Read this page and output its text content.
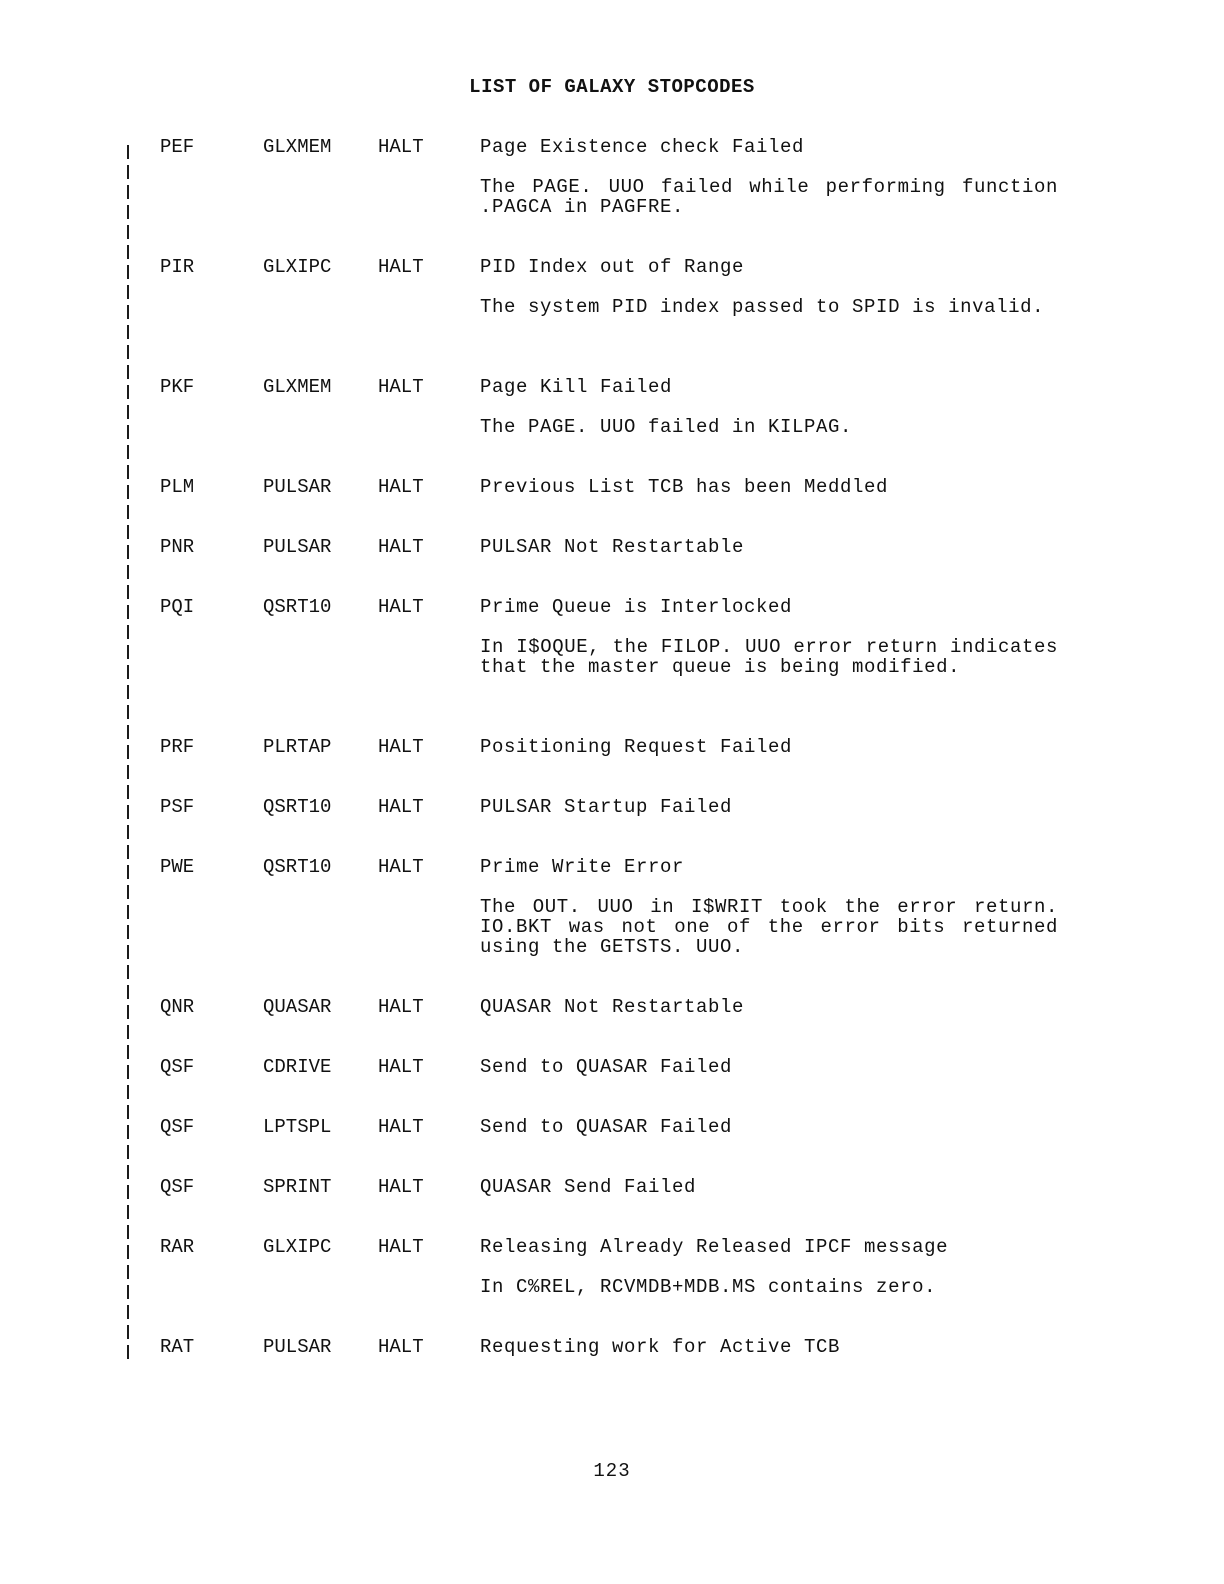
LIST OF GALAXY STOPCODES
PEF	GLXMEM HALT	Page Existence check Failed
The PAGE. UUO failed while performing function .PAGCA in PAGFRE.
PIR	GLXIPC HALT	PID Index out of Range
The system PID index passed to SPID is invalid.
PKF	GLXMEM HALT	Page Kill Failed
The PAGE. UUO failed in KILPAG.
PLM	PULSAR HALT	Previous List TCB has been Meddled
PNR	PULSAR HALT	PULSAR Not Restartable
PQI	QSRT10 HALT	Prime Queue is Interlocked
In I$OQUE, the FILOP. UUO error return indicates that the master queue is being modified.
PRF	PLRTAP HALT	Positioning Request Failed
PSF	QSRT10 HALT	PULSAR Startup Failed
PWE	QSRT10 HALT	Prime Write Error
The OUT. UUO in I$WRIT took the error return. IO.BKT was not one of the error bits returned using the GETSTS. UUO.
QNR	QUASAR HALT	QUASAR Not Restartable
QSF	CDRIVE HALT	Send to QUASAR Failed
QSF	LPTSPL HALT	Send to QUASAR Failed
QSF	SPRINT HALT	QUASAR Send Failed
RAR	GLXIPC HALT	Releasing Already Released IPCF message
In C%REL, RCVMDB+MDB.MS contains zero.
RAT	PULSAR HALT	Requesting work for Active TCB
123
